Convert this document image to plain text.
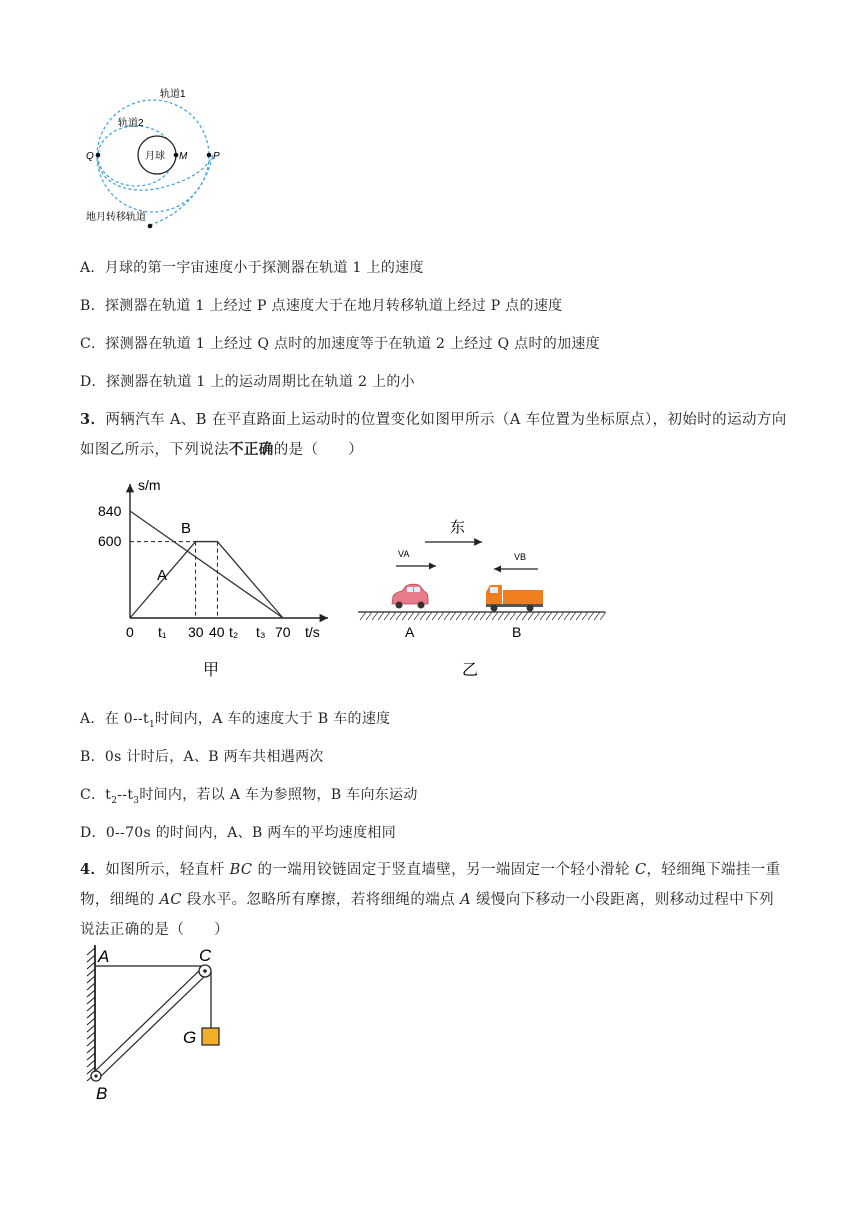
轨道1
轨道2
月球 M	P
Q
地月转移轨道
A．月球的第一宇宙速度小于探测器在轨道 1 上的速度
B．探测器在轨道 1 上经过 P 点速度大于在地月转移轨道上经过 P 点的速度
C．探测器在轨道 1 上经过 Q 点时的加速度等于在轨道 2 上经过 Q 点时的加速度
D．探测器在轨道 1 上的运动周期比在轨道 2 上的小
3．两辆汽车 A、B 在平直路面上运动时的位置变化如图甲所示（A 车位置为坐标原点），初始时的运动方向
如图乙所示，下列说法不正确的是（　　）
s/m
t/s
840
600
0 t₁ 30 40 t₂ t₃ 70
A
B
甲
东
VA	VB
A	B
乙
A．在 $0--t_1$时间内，A 车的速度大于 B 车的速度
B．0s 计时后，A、B 两车共相遇两次
C．$t_2--t_3$时间内，若以 A 车为参照物，B 车向东运动
D．0--70s 的时间内，A、B 两车的平均速度相同
4．如图所示，轻直杆 BC 的一端用铰链固定于竖直墙壁，另一端固定一个轻小滑轮 C，轻细绳下端挂一重
物，细绳的 AC 段水平。忽略所有摩擦，若将细绳的端点 A 缓慢向下移动一小段距离，则移动过程中下列
说法正确的是（　　）
A	C
G
B
